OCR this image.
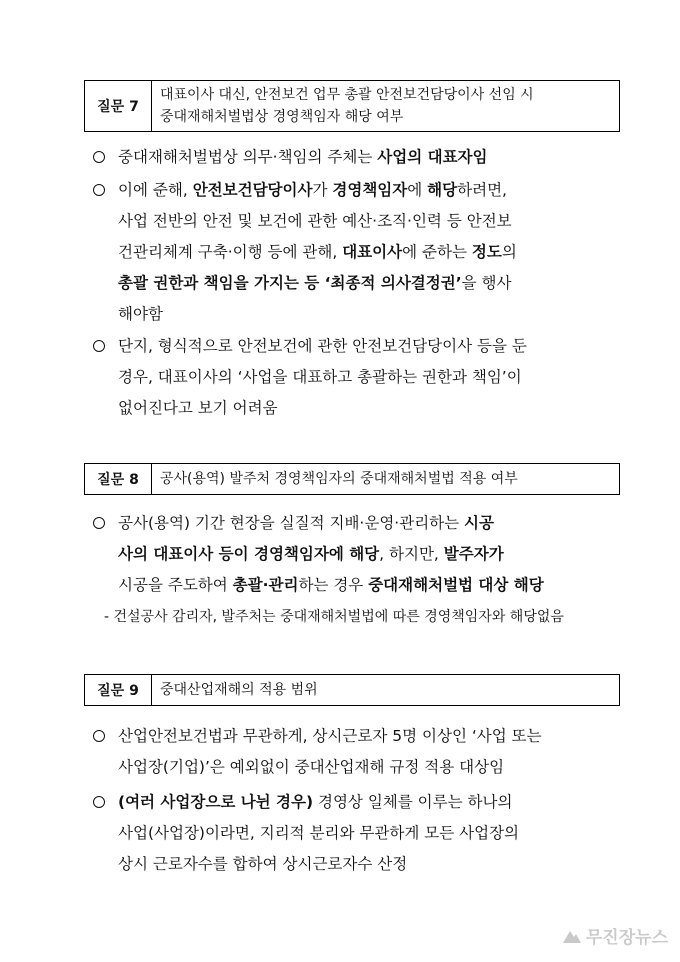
질문 7
대표이사 대신, 안전보건 업무 총괄 안전보건담당이사 선임 시
중대재해처벌법상 경영책임자 해당 여부
중대재해처벌법상 의무·책임의 주체는 사업의 대표자임
이에 준해, 안전보건담당이사가 경영책임자에 해당하려면,
사업 전반의 안전 및 보건에 관한 예산·조직·인력 등 안전보
건관리체계 구축·이행 등에 관해, 대표이사에 준하는 정도의
총괄 권한과 책임을 가지는 등 ‘최종적 의사결정권’을 행사
해야함
단지, 형식적으로 안전보건에 관한 안전보건담당이사 등을 둔
경우, 대표이사의 ‘사업을 대표하고 총괄하는 권한과 책임’이
없어진다고 보기 어려움
질문 8	공사(용역) 발주처 경영책임자의 중대재해처벌법 적용 여부
공사(용역) 기간 현장을 실질적 지배·운영·관리하는 시공
사의 대표이사 등이 경영책임자에 해당, 하지만, 발주자가
시공을 주도하여 총괄·관리하는 경우 중대재해처벌법 대상 해당
- 건설공사 감리자, 발주처는 중대재해처벌법에 따른 경영책임자와 해당없음
질문 9	중대산업재해의 적용 범위
산업안전보건법과 무관하게, 상시근로자 5명 이상인 ‘사업 또는
사업장(기업)’은 예외없이 중대산업재해 규정 적용 대상임
(여러 사업장으로 나뉜 경우) 경영상 일체를 이루는 하나의
사업(사업장)이라면, 지리적 분리와 무관하게 모든 사업장의
상시 근로자수를 합하여 상시근로자수 산정
무진장뉴스
